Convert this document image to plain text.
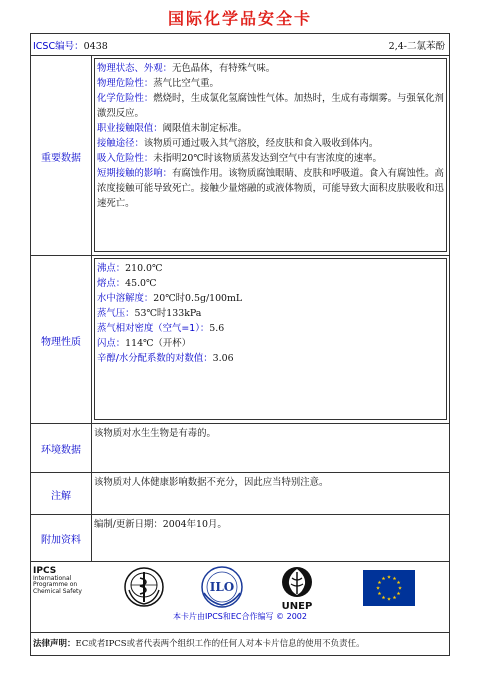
国际化学品安全卡
ICSC编号：0438	2,4-二氯苯酚
重要数据
物理状态、外观：无色晶体，有特殊气味。
物理危险性：蒸气比空气重。
化学危险性：燃烧时，生成氯化氢腐蚀性气体。加热时，生成有毒烟雾。与强氧化剂激烈反应。
职业接触限值：阈限值未制定标准。
接触途径：该物质可通过吸入其气溶胶，经皮肤和食入吸收到体内。
吸入危险性：未指明20℃时该物质蒸发达到空气中有害浓度的速率。
短期接触的影响：有腐蚀作用。该物质腐蚀眼睛、皮肤和呼吸道。食入有腐蚀性。高浓度接触可能导致死亡。接触少量熔融的或液体物质，可能导致大面积皮肤吸收和迅速死亡。
物理性质
沸点：210.0℃
熔点：45.0℃
水中溶解度：20℃时0.5g/100mL
蒸气压：53℃时133kPa
蒸气相对密度（空气=1）：5.6
闪点：114℃（开杯）
辛醇/水分配系数的对数值：3.06
环境数据
该物质对水生生物是有毒的。
注解
该物质对人体健康影响数据不充分，因此应当特别注意。
附加资料
编制/更新日期：2004年10月。
IPCS
International
Programme on
Chemical Safety	ILO
UNEP
本卡片由IPCS和EC合作编写 © 2002
法律声明：EC或者IPCS或者代表两个组织工作的任何人对本卡片信息的使用不负责任。
